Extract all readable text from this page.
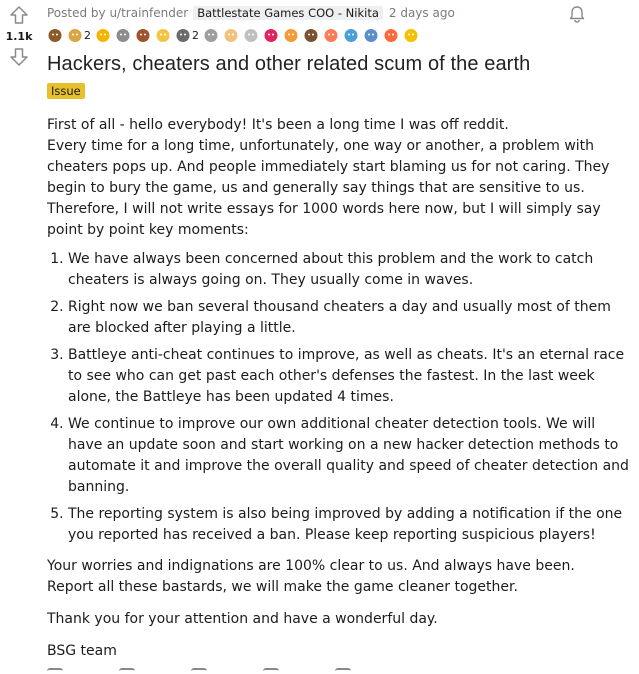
1.1k
Posted by u/trainfender Battlestate Games COO - Nikita 2 days ago
2	2
Hackers, cheaters and other related scum of the earth
Issue

First of all - hello everybody! It's been a long time I was off reddit.
Every time for a long time, unfortunately, one way or another, a problem with cheaters pops up. And people immediately start blaming us for not caring. They begin to bury the game, us and generally say things that are sensitive to us. Therefore, I will not write essays for 1000 words here now, but I will simply say point by point key moments:

1. We have always been concerned about this problem and the work to catch cheaters is always going on. They usually come in waves.
2. Right now we ban several thousand cheaters a day and usually most of them are blocked after playing a little.
3. Battleye anti-cheat continues to improve, as well as cheats. It's an eternal race to see who can get past each other's defenses the fastest. In the last week alone, the Battleye has been updated 4 times.
4. We continue to improve our own additional cheater detection tools. We will have an update soon and start working on a new hacker detection methods to automate it and improve the overall quality and speed of cheater detection and banning.
5. The reporting system is also being improved by adding a notification if the one you reported has received a ban. Please keep reporting suspicious players!

Your worries and indignations are 100% clear to us. And always have been.
Report all these bastards, we will make the game cleaner together.

Thank you for your attention and have a wonderful day.

BSG team
